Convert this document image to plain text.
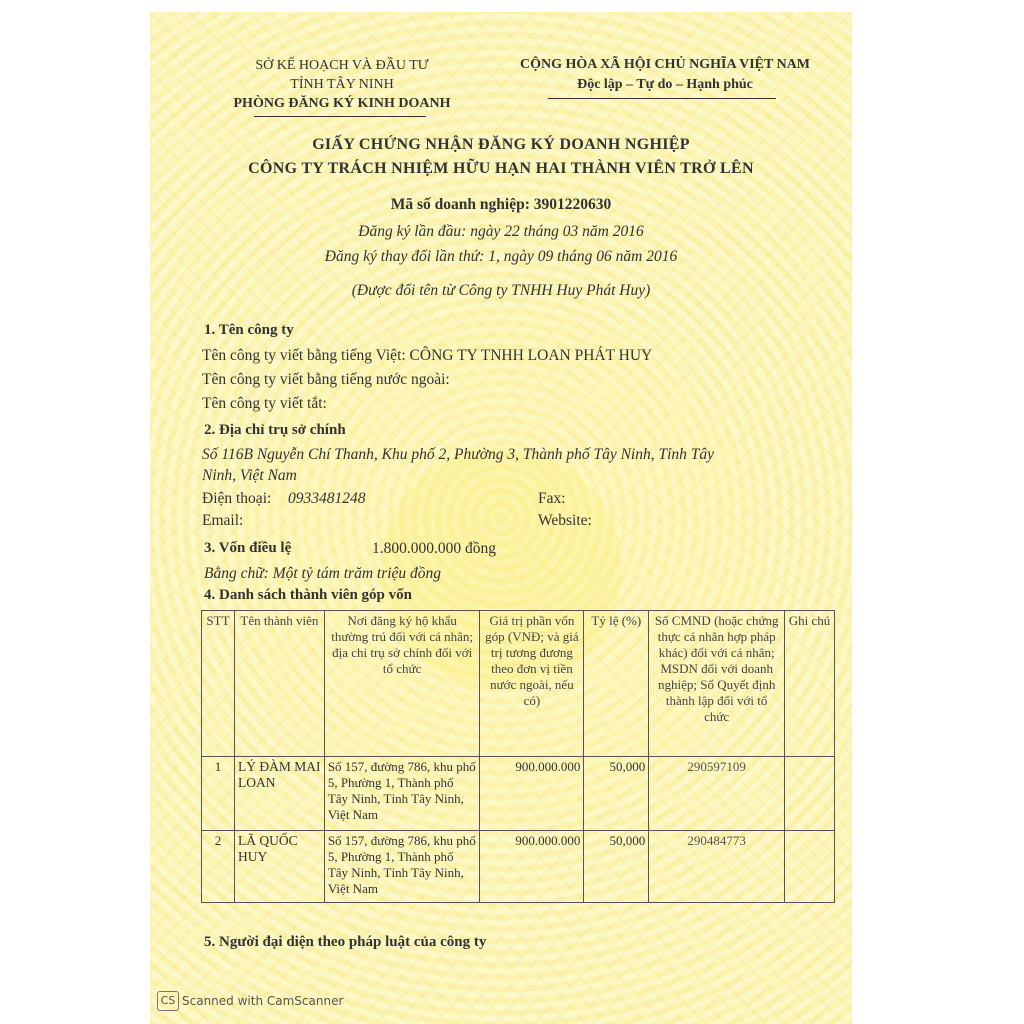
SỞ KẾ HOẠCH VÀ ĐẦU TƯ
TỈNH TÂY NINH
PHÒNG ĐĂNG KÝ KINH DOANH
CỘNG HÒA XÃ HỘI CHỦ NGHĨA VIỆT NAM
Độc lập – Tự do – Hạnh phúc
GIẤY CHỨNG NHẬN ĐĂNG KÝ DOANH NGHIỆP
CÔNG TY TRÁCH NHIỆM HỮU HẠN HAI THÀNH VIÊN TRỞ LÊN
Mã số doanh nghiệp: 3901220630
Đăng ký lần đầu: ngày 22 tháng 03 năm 2016
Đăng ký thay đổi lần thứ: 1, ngày 09 tháng 06 năm 2016
(Được đổi tên từ Công ty TNHH Huy Phát Huy)
1. Tên công ty
Tên công ty viết bằng tiếng Việt: CÔNG TY TNHH LOAN PHÁT HUY
Tên công ty viết bằng tiếng nước ngoài:
Tên công ty viết tắt:
2. Địa chỉ trụ sở chính
Số 116B Nguyễn Chí Thanh, Khu phố 2, Phường 3, Thành phố Tây Ninh, Tỉnh Tây
Ninh, Việt Nam
Điện thoại: 0933481248	Fax:
Email:	Website:
3. Vốn điều lệ	1.800.000.000 đồng
Bằng chữ: Một tỷ tám trăm triệu đồng
4. Danh sách thành viên góp vốn
STT	Tên thành viên	Nơi đăng ký hộ khẩu thường trú đối với cá nhân; địa chỉ trụ sở chính đối với tổ chức	Giá trị phần vốn góp (VNĐ; và giá trị tương đương theo đơn vị tiền nước ngoài, nếu có)	Tỷ lệ (%)	Số CMND (hoặc chứng thực cá nhân hợp pháp khác) đối với cá nhân; MSDN đối với doanh nghiệp; Số Quyết định thành lập đối với tổ chức	Ghi chú
1	LÝ ĐÀM MAI LOAN	Số 157, đường 786, khu phố 5, Phường 1, Thành phố Tây Ninh, Tỉnh Tây Ninh, Việt Nam	900.000.000	50,000	290597109	
2	LÃ QUỐC HUY	Số 157, đường 786, khu phố 5, Phường 1, Thành phố Tây Ninh, Tỉnh Tây Ninh, Việt Nam	900.000.000	50,000	290484773	
5. Người đại diện theo pháp luật của công ty
CS Scanned with CamScanner
